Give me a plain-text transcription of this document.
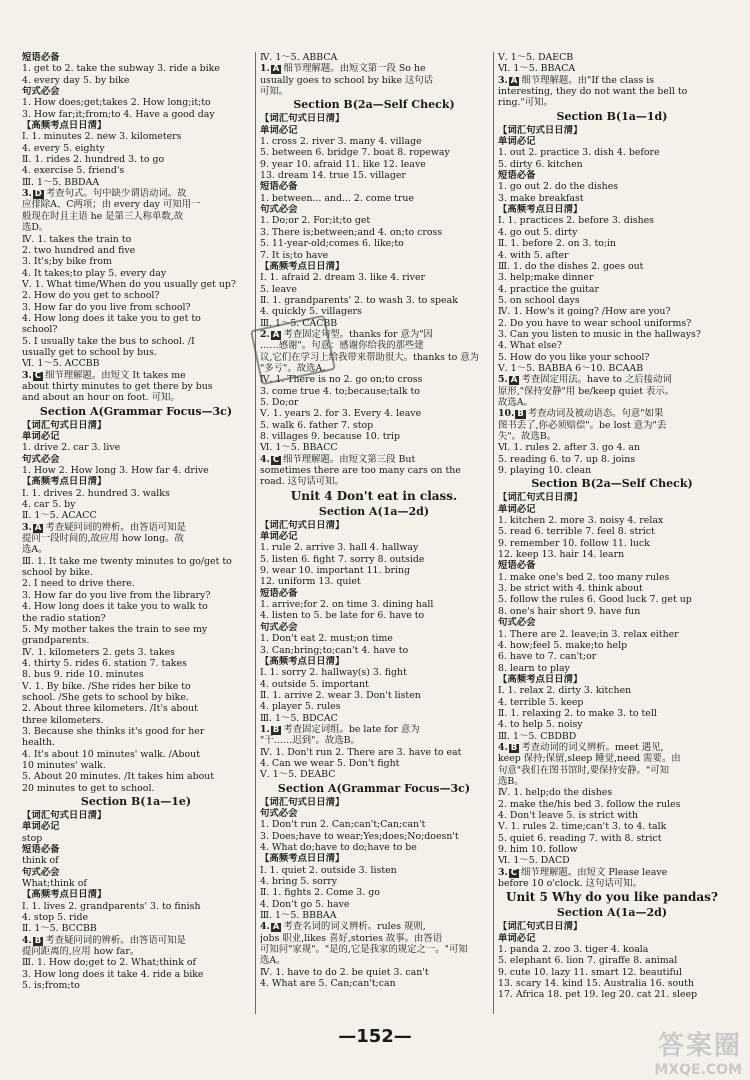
短语必备
1. get to 2. take the subway 3. ride a bike
4. every day 5. by bike
句式必会
1. How does;get;takes 2. How long;it;to
3. How far;it;from;to 4. Have a good day
【高频考点日日清】
Ⅰ. 1. minutes 2. new 3. kilometers
4. every 5. eighty
Ⅱ. 1. rides 2. hundred 3. to go
4. exercise 5. friend's
Ⅲ. 1～5. BBDAA
3. D 考查句式。句中缺少谓语动词。故
应排除A、C两项；由 every day 可知用一
般现在时且主语 he 是第三人称单数,故
选D。
Ⅳ. 1. takes the train to
2. two hundred and five
3. It's;by bike from
4. It takes;to play 5. every day
Ⅴ. 1. What time/When do you usually get up?
2. How do you get to school?
3. How far do you live from school?
4. How long does it take you to get to
school?
5. I usually take the bus to school. /I
usually get to school by bus.
Ⅵ. 1～5. ACCBB
3. C 细节理解题。由短文 It takes me
about thirty minutes to get there by bus
and about an hour on foot. 可知。
Section A(Grammar Focus—3c)
【词汇句式日日清】
单词必记
1. drive 2. car 3. live
句式必会
1. How 2. How long 3. How far 4. drive
【高频考点日日清】
Ⅰ. 1. drives 2. hundred 3. walks
4. car 5. by
Ⅱ. 1～5. ACACC
3. A 考查疑问词的辨析。由答语可知是
提问一段时间的,故应用 how long。故
选A。
Ⅲ. 1. It take me twenty minutes to go/get to
school by bike.
2. I need to drive there.
3. How far do you live from the library?
4. How long does it take you to walk to
the radio station?
5. My mother takes the train to see my
grandparents.
Ⅳ. 1. kilometers 2. gets 3. takes
4. thirty 5. rides 6. station 7. takes
8. bus 9. ride 10. minutes
Ⅴ. 1. By bike. /She rides her bike to
school. /She gets to school by bike.
2. About three kilometers. /It's about
three kilometers.
3. Because she thinks it's good for her
health.
4. It's about 10 minutes' walk. /About
10 minutes' walk.
5. About 20 minutes. /It takes him about
20 minutes to get to school.
Section B(1a—1e)
【词汇句式日日清】
单词必记
stop
短语必备
think of
句式必会
What;think of
【高频考点日日清】
Ⅰ. 1. lives 2. grandparents' 3. to finish
4. stop 5. ride
Ⅱ. 1～5. BCCBB
4. B 考查疑问词的辨析。由答语可知是
提问距离的,应用 how far。
Ⅲ. 1. How do;get to 2. What;think of
3. How long does it take 4. ride a bike
5. is;from;to
Ⅳ. 1～5. ABBCA
1. A 细节理解题。由短文第一段 So he
usually goes to school by bike 这句话
可知。
Section B(2a—Self Check)
【词汇句式日日清】
单词必记
1. cross 2. river 3. many 4. village
5. between 6. bridge 7. boat 8. ropeway
9. year 10. afraid 11. like 12. leave
13. dream 14. true 15. villager
短语必备
1. between... and... 2. come true
句式必会
1. Do;or 2. For;it;to get
3. There is;between;and 4. on;to cross
5. 11-year-old;comes 6. like;to
7. It is;to have
【高频考点日日清】
Ⅰ. 1. afraid 2. dream 3. like 4. river
5. leave
Ⅱ. 1. grandparents' 2. to wash 3. to speak
4. quickly 5. villagers
Ⅲ. 1～5. CACBB
2. A 考查固定句型。thanks for 意为"因
……感谢"。句意：感谢你给我的那些建
议,它们在学习上给我带来帮助很大。thanks to 意为
"多亏"。故选A。
Ⅳ. 1. There is no 2. go on;to cross
3. come true 4. to;because;talk to
5. Do;or
Ⅴ. 1. years 2. for 3. Every 4. leave
5. walk 6. father 7. stop
8. villages 9. because 10. trip
Ⅵ. 1～5. BBACC
4. C 细节理解题。由短文第三段 But
sometimes there are too many cars on the
road. 这句话可知。
Unit 4 Don't eat in class.
Section A(1a—2d)
【词汇句式日日清】
单词必记
1. rule 2. arrive 3. hall 4. hallway
5. listen 6. fight 7. sorry 8. outside
9. wear 10. important 11. bring
12. uniform 13. quiet
短语必备
1. arrive;for 2. on time 3. dining hall
4. listen to 5. be late for 6. have to
句式必会
1. Don't eat 2. must;on time
3. Can;bring;to;can't 4. have to
【高频考点日日清】
Ⅰ. 1. sorry 2. hallway(s) 3. fight
4. outside 5. important
Ⅱ. 1. arrive 2. wear 3. Don't listen
4. player 5. rules
Ⅲ. 1～5. BDCAC
1. B 考查固定词组。be late for 意为
"干……迟到"。故选B。
Ⅳ. 1. Don't run 2. There are 3. have to eat
4. Can we wear 5. Don't fight
Ⅴ. 1～5. DEABC
Section A(Grammar Focus—3c)
【词汇句式日日清】
句式必会
1. Don't run 2. Can;can't;Can;can't
3. Does;have to wear;Yes;does;No;doesn't
4. What do;have to do;have to be
【高频考点日日清】
Ⅰ. 1. quiet 2. outside 3. listen
4. bring 5. sorry
Ⅱ. 1. fights 2. Come 3. go
4. Don't go 5. have
Ⅲ. 1～5. BBBAA
4. A 考查名词的词义辨析。rules 规则,
jobs 职业,likes 喜好,stories 故事。由答语
可知问"家规"。"是的,它是我家的规定之一。"可知
选A。
Ⅳ. 1. have to do 2. be quiet 3. can't
4. What are 5. Can;can't;can
Ⅴ. 1～5. DAECB
Ⅵ. 1～5. BBACA
3. A 细节理解题。由"If the class is
interesting, they do not want the bell to
ring."可知。
Section B(1a—1d)
【词汇句式日日清】
单词必记
1. out 2. practice 3. dish 4. before
5. dirty 6. kitchen
短语必备
1. go out 2. do the dishes
3. make breakfast
【高频考点日日清】
Ⅰ. 1. practices 2. before 3. dishes
4. go out 5. dirty
Ⅱ. 1. before 2. on 3. to;in
4. with 5. after
Ⅲ. 1. do the dishes 2. goes out
3. help;make dinner
4. practice the guitar
5. on school days
Ⅳ. 1. How's it going? /How are you?
2. Do you have to wear school uniforms?
3. Can you listen to music in the hallways?
4. What else?
5. How do you like your school?
Ⅴ. 1～5. BABBA 6～10. BCAAB
5. A 考查固定用法。have to 之后接动词
原形,"保持安静"用 be/keep quiet 表示。
故选A。
10. B 考查动词及被动语态。句意"如果
图书丢了,你必须赔偿"。be lost 意为"丢
失"。故选B。
Ⅵ. 1. rules 2. after 3. go 4. an
5. reading 6. to 7. up 8. joins
9. playing 10. clean
Section B(2a—Self Check)
【词汇句式日日清】
单词必记
1. kitchen 2. more 3. noisy 4. relax
5. read 6. terrible 7. feel 8. strict
9. remember 10. follow 11. luck
12. keep 13. hair 14. learn
短语必备
1. make one's bed 2. too many rules
3. be strict with 4. think about
5. follow the rules 6. Good luck 7. get up
8. one's hair short 9. have fun
句式必会
1. There are 2. leave;in 3. relax either
4. how;feel 5. make;to help
6. have to 7. can't;or
8. learn to play
【高频考点日日清】
Ⅰ. 1. relax 2. dirty 3. kitchen
4. terrible 5. keep
Ⅱ. 1. relaxing 2. to make 3. to tell
4. to help 5. noisy
Ⅲ. 1～5. CBDBD
4. B 考查动词的词义辨析。meet 遇见,
keep 保持;保留,sleep 睡觉,need 需要。由
句意"我们在图书馆时,要保持安静。"可知
选B。
Ⅳ. 1. help;do the dishes
2. make the/his bed 3. follow the rules
4. Don't leave 5. is strict with
Ⅴ. 1. rules 2. time;can't 3. to 4. talk
5. quiet 6. reading 7. with 8. strict
9. him 10. follow
Ⅵ. 1～5. DACD
3. C 细节理解题。由短文 Please leave
before 10 o'clock. 这句话可知。
Unit 5 Why do you like pandas?
Section A(1a—2d)
【词汇句式日日清】
单词必记
1. panda 2. zoo 3. tiger 4. koala
5. elephant 6. lion 7. giraffe 8. animal
9. cute 10. lazy 11. smart 12. beautiful
13. scary 14. kind 15. Australia 16. south
17. Africa 18. pet 19. leg 20. cat 21. sleep
—152—	答案圈
MXQE.COM
